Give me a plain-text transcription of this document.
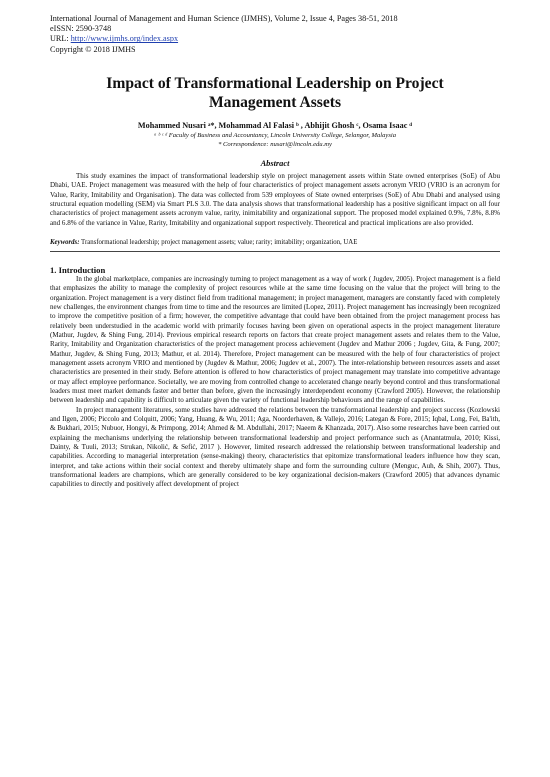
International Journal of Management and Human Science (IJMHS), Volume 2, Issue 4, Pages 38-51, 2018
eISSN: 2590-3748
URL: http://www.ijmhs.org/index.aspx
Copyright © 2018 IJMHS
Impact of Transformational Leadership on Project Management Assets
Mohammed Nusari ᵃ*, Mohammad Al Falasi ᵇ , Abhijit Ghosh ᶜ, Osama Isaac ᵈ
ᵃ ᵇ ᶜ ᵈ Faculty of Business and Accountancy, Lincoln University College, Selangor, Malaysia
* Correspondence: nusari@lincoln.edu.my
Abstract
This study examines the impact of transformational leadership style on project management assets within State owned enterprises (SoE) of Abu Dhabi, UAE. Project management was measured with the help of four characteristics of project management assets acronym VRIO (VRIO is an acronym for Value, Rarity, Imitability and Organisation). The data was collected from 539 employees of State owned enterprises (SoE) of Abu Dhabi and analysed using structural equation modelling (SEM) via Smart PLS 3.0. The data analysis shows that transformational leadership has a positive significant impact on all four characteristics of project management assets acronym value, rarity, inimitability and organizational support. The proposed model explained 0.9%, 7.8%, 8.8% and 6.8% of the variance in Value, Rarity, Imitability and organizational support respectively. Theoretical and practical implications are also provided.
Keywords: Transformational leadership; project management assets; value; rarity; imitability; organization, UAE
1. Introduction

In the global marketplace, companies are increasingly turning to project management as a way of work ( Jugdev, 2005). Project management is a field that emphasizes the ability to manage the complexity of project resources while at the same time focusing on the value that the project will bring to the organization. Project management is a very distinct field from traditional management; in project management, managers are constantly faced with completely new challenges, the environment changes from time to time and the resources are limited (Lopez, 2011). Project management has increasingly been recognized to improve the competitive position of a firm; however, the competitive advantage that could have been obtained from the project management process has relatively been understudied in the academic world with primarily focuses having been given on operational aspects in the project management literature (Mathur, Jugdev, & Shing Fung, 2014). Previous empirical research reports on factors that create project management assets and relates them to the Value, Rarity, Imitability and Organization characteristics of the project management process achievement (Jugdev and Mathur 2006 ; Jugdev, Gita, & Fung, 2007; Mathur, Jugdev, & Shing Fung, 2013; Mathur, et al. 2014). Therefore, Project management can be measured with the help of four characteristics of project management assets acronym VRIO and mentioned by (Jugdev & Mathur, 2006; Jugdev et al., 2007). The inter-relationship between resources assets and asset characteristics are presented in their study. Before attention is offered to how characteristics of project management may translate into competitive advantage or may affect employee performance. Societally, we are moving from controlled change to accelerated change nearly beyond control and thus transformational leaders must meet market demands faster and better than before, given the increasingly interdependent economy (Crawford 2005). However, the relationship between leadership and capability is difficult to articulate given the variety of functional leadership behaviours and the range of capabilities.

In project management literatures, some studies have addressed the relations between the transformational leadership and project success (Kozlowski and Ilgen, 2006; Piccolo and Colquitt, 2006; Yang, Huang, & Wu, 2011; Aga, Noorderhaven, & Vallejo, 2016; Lategan & Fore, 2015; Iqbal, Long, Fei, Ba'ith, & Bukhari, 2015; Nubuor, Hongyi, & Primpong, 2014; Ahmed & M. Abdullahi, 2017; Naeem & Khanzada, 2017). Also some researches have been carried out explaining the mechanisms underlying the relationship between transformational leadership and project performance such as (Anantatmula, 2010; Kissi, Dainty, & Tuuli, 2013; Strukan, Nikolić, & Sefić, 2017 ). However, limited research addressed the relationship between transformational leadership and capabilities. According to managerial interpretation (sense-making) theory, characteristics that epitomize transformational leaders influence how they scan, interpret, and take actions within their social context and thereby ultimately shape and form the surrounding culture (Menguc, Auh, & Shih, 2007). Thus, transformational leaders are champions, which are generally considered to be key organizational decision-makers (Crawford 2005) that advances dynamic capabilities to directly and positively affect development of project
